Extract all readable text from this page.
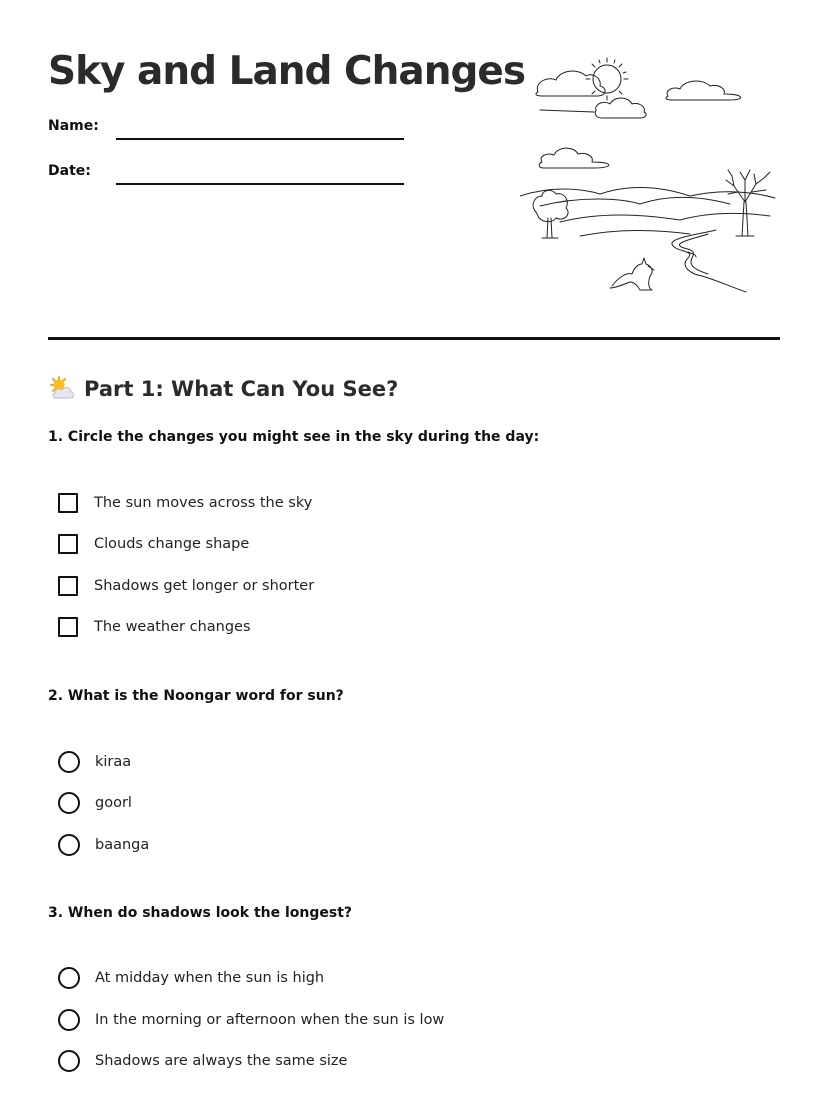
Sky and Land Changes
Name:
Date:
Part 1: What Can You See?
1. Circle the changes you might see in the sky during the day:
The sun moves across the sky
Clouds change shape
Shadows get longer or shorter
The weather changes
2. What is the Noongar word for sun?
kiraa
goorl
baanga
3. When do shadows look the longest?
At midday when the sun is high
In the morning or afternoon when the sun is low
Shadows are always the same size
